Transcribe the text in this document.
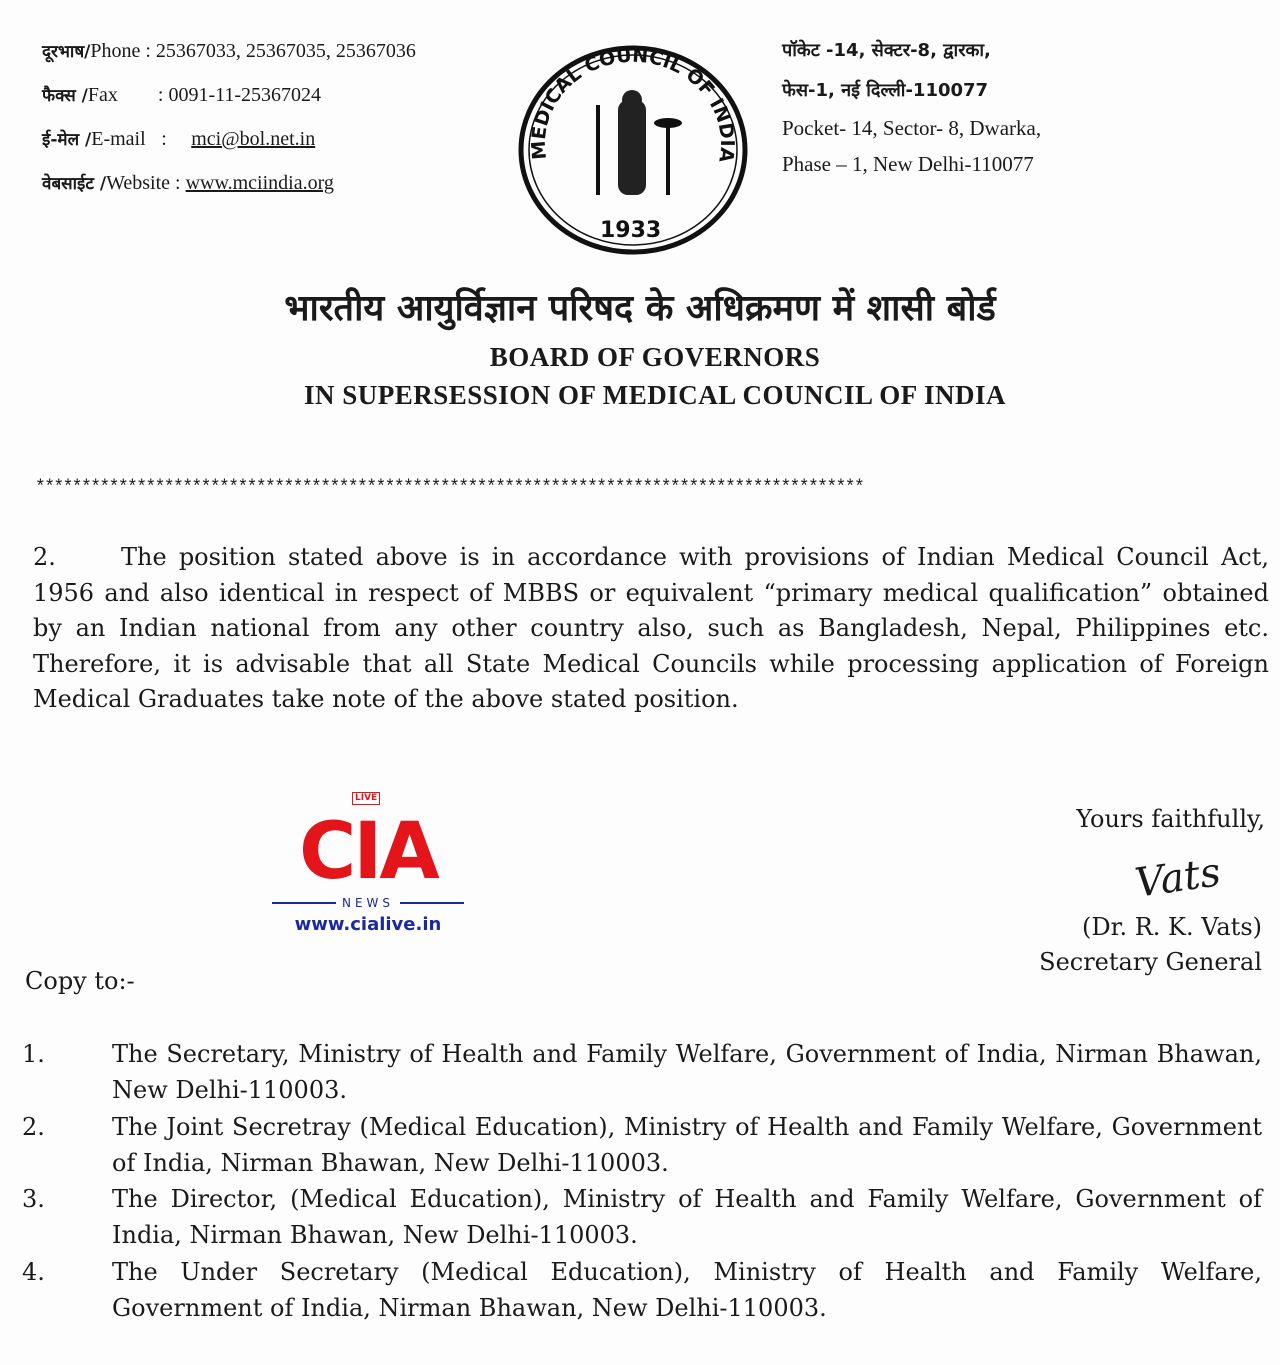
दूरभाष/Phone : 25367033, 25367035, 25367036
फैक्स /Fax : 0091-11-25367024
ई-मेल /E-mail : mci@bol.net.in
वेबसाईट /Website : www.mciindia.org
MEDICAL COUNCIL OF INDIA
1933
पॉकेट -14, सेक्टर-8, द्वारका,
फेस-1, नई दिल्ली-110077
Pocket- 14, Sector- 8, Dwarka,
Phase – 1, New Delhi-110077
भारतीय आयुर्विज्ञान परिषद के अधिक्रमण में शासी बोर्ड
BOARD OF GOVERNORS
IN SUPERSESSION OF MEDICAL COUNCIL OF INDIA
******************************************************************************************
2.	The position stated above is in accordance with provisions of Indian Medical Council Act, 1956 and also identical in respect of MBBS or equivalent “primary medical qualification” obtained by an Indian national from any other country also, such as Bangladesh, Nepal, Philippines etc. Therefore, it is advisable that all State Medical Councils while processing application of Foreign Medical Graduates take note of the above stated position.
LIVE
CIA
NEWS
www.cialive.in
Yours faithfully,
Vats
(Dr. R. K. Vats)
Secretary General
Copy to:-
1.	The Secretary, Ministry of Health and Family Welfare, Government of India, Nirman Bhawan, New Delhi-110003.
2.	The Joint Secretray (Medical Education), Ministry of Health and Family Welfare, Government of India, Nirman Bhawan, New Delhi-110003.
3.	The Director, (Medical Education), Ministry of Health and Family Welfare, Government of India, Nirman Bhawan, New Delhi-110003.
4.	The Under Secretary (Medical Education), Ministry of Health and Family Welfare, Government of India, Nirman Bhawan, New Delhi-110003.
